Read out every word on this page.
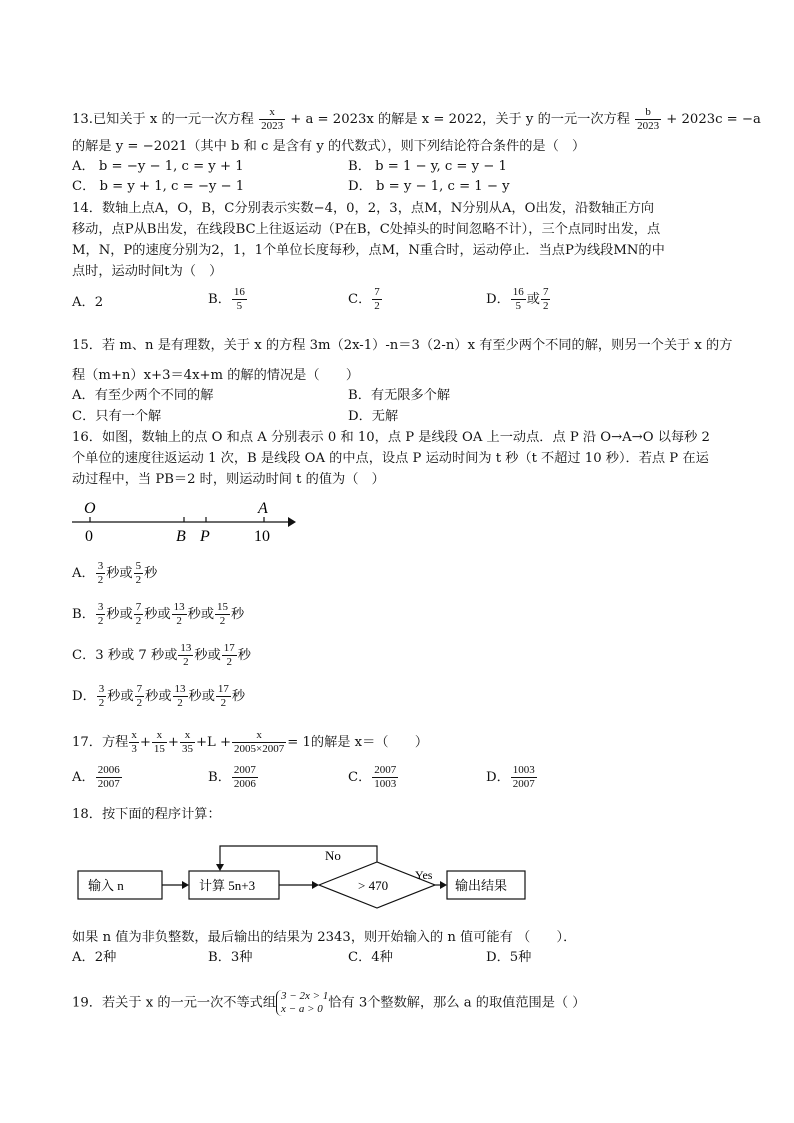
13.已知关于 x 的一元一次方程 $\frac{x}{2023} + a = 2023x$ 的解是 x = 2022，关于 y 的一元一次方程 $\frac{b}{2023} + 2023c = -a$
的解是 y = −2021（其中 b 和 c 是含有 y 的代数式），则下列结论符合条件的是（　）
A． b = −y − 1, c = y + 1	B． b = 1 − y, c = y − 1
C． b = y + 1, c = −y − 1	D． b = y − 1, c = 1 − y
14．数轴上点A，O，B，C分别表示实数−4，0，2，3，点M，N分别从A，O出发，沿数轴正方向
移动，点P从B出发，在线段BC上往返运动（P在B，C处掉头的时间忽略不计），三个点同时出发，点
M，N，P的速度分别为2，1，1个单位长度每秒，点M，N重合时，运动停止．当点P为线段MN的中
点时，运动时间t为（　）
A．2	B． $\frac{16}{5}$	C． $\frac{7}{2}$	D． $\frac{16}{5}$ 或 $\frac{7}{2}$
15．若 m、n 是有理数，关于 x 的方程 3m（2x-1）-n＝3（2-n）x 有至少两个不同的解，则另一个关于 x 的方
程（m+n）x+3＝4x+m 的解的情况是（　　）
A．有至少两个不同的解	B．有无限多个解
C．只有一个解	D．无解
16．如图，数轴上的点 O 和点 A 分别表示 0 和 10，点 P 是线段 OA 上一动点．点 P 沿 O→A→O 以每秒 2
个单位的速度往返运动 1 次，B 是线段 OA 的中点，设点 P 运动时间为 t 秒（t 不超过 10 秒）．若点 P 在运
动过程中，当 PB＝2 时，则运动时间 t 的值为（　）
O	A
0	B P	10
A． $\frac{3}{2}$ 秒或 $\frac{5}{2}$ 秒
B． $\frac{3}{2}$ 秒或 $\frac{7}{2}$ 秒或 $\frac{13}{2}$ 秒或 $\frac{15}{2}$ 秒
C．3 秒或 7 秒或 $\frac{13}{2}$ 秒或 $\frac{17}{2}$ 秒
D． $\frac{3}{2}$ 秒或 $\frac{7}{2}$ 秒或 $\frac{13}{2}$ 秒或 $\frac{17}{2}$ 秒
17．方程 $\frac{x}{3} + \frac{x}{15} + \frac{x}{35} +L + \frac{x}{2005\times 2007} = 1$的解是 x＝（　　）
A． $\frac{2006}{2007}$	B． $\frac{2007}{2006}$	C． $\frac{2007}{1003}$	D． $\frac{1003}{2007}$
18．按下面的程序计算：
输入 n	计算 5n+3	> 470
No
Yes
输出结果
如果 n 值为非负整数，最后输出的结果为 2343，则开始输入的 n 值可能有 （　　）．
A．2种	B．3种	C．4种	D．5种
19．若关于 x 的一元一次不等式组 3 − 2x > 1
x − a > 0 恰有 3个整数解，那么 a 的取值范围是（ ）
